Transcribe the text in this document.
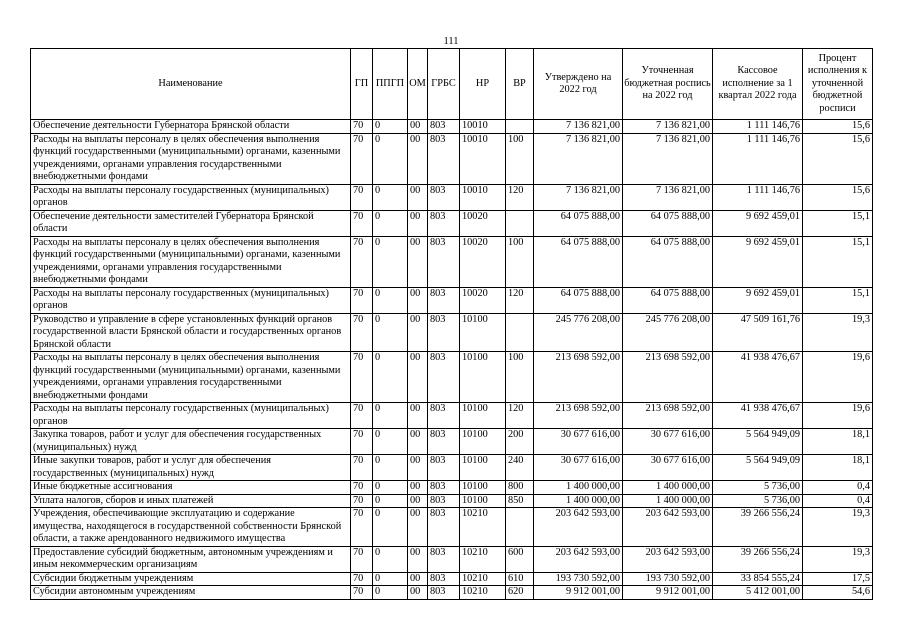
111
Наименование	ГП	ППГП	ОМ	ГРБС	НР	ВР	Утверждено на 2022 год	Уточненная бюджетная роспись на 2022 год	Кассовое исполнение за 1 квартал 2022 года	Процент исполнения к уточненной бюджетной росписи
Обеспечение деятельности Губернатора Брянской области	70	0	00	803	10010		7 136 821,00	7 136 821,00	1 111 146,76	15,6
Расходы на выплаты персоналу в целях обеспечения выполнения функций государственными (муниципальными) органами, казенными учреждениями, органами управления государственными внебюджетными фондами	70	0	00	803	10010	100	7 136 821,00	7 136 821,00	1 111 146,76	15,6
Расходы на выплаты персоналу государственных (муниципальных) органов	70	0	00	803	10010	120	7 136 821,00	7 136 821,00	1 111 146,76	15,6
Обеспечение деятельности заместителей Губернатора Брянской области	70	0	00	803	10020		64 075 888,00	64 075 888,00	9 692 459,01	15,1
Расходы на выплаты персоналу в целях обеспечения выполнения функций государственными (муниципальными) органами, казенными учреждениями, органами управления государственными внебюджетными фондами	70	0	00	803	10020	100	64 075 888,00	64 075 888,00	9 692 459,01	15,1
Расходы на выплаты персоналу государственных (муниципальных) органов	70	0	00	803	10020	120	64 075 888,00	64 075 888,00	9 692 459,01	15,1
Руководство и управление в сфере установленных функций органов государственной власти Брянской области и государственных органов Брянской области	70	0	00	803	10100		245 776 208,00	245 776 208,00	47 509 161,76	19,3
Расходы на выплаты персоналу в целях обеспечения выполнения функций государственными (муниципальными) органами, казенными учреждениями, органами управления государственными внебюджетными фондами	70	0	00	803	10100	100	213 698 592,00	213 698 592,00	41 938 476,67	19,6
Расходы на выплаты персоналу государственных (муниципальных) органов	70	0	00	803	10100	120	213 698 592,00	213 698 592,00	41 938 476,67	19,6
Закупка товаров, работ и услуг для обеспечения государственных (муниципальных) нужд	70	0	00	803	10100	200	30 677 616,00	30 677 616,00	5 564 949,09	18,1
Иные закупки товаров, работ и услуг для обеспечения государственных (муниципальных) нужд	70	0	00	803	10100	240	30 677 616,00	30 677 616,00	5 564 949,09	18,1
Иные бюджетные ассигнования	70	0	00	803	10100	800	1 400 000,00	1 400 000,00	5 736,00	0,4
Уплата налогов, сборов и иных платежей	70	0	00	803	10100	850	1 400 000,00	1 400 000,00	5 736,00	0,4
Учреждения, обеспечивающие эксплуатацию и содержание имущества, находящегося в государственной собственности Брянской области, а также арендованного недвижимого имущества	70	0	00	803	10210		203 642 593,00	203 642 593,00	39 266 556,24	19,3
Предоставление субсидий бюджетным, автономным учреждениям и иным некоммерческим организациям	70	0	00	803	10210	600	203 642 593,00	203 642 593,00	39 266 556,24	19,3
Субсидии бюджетным учреждениям	70	0	00	803	10210	610	193 730 592,00	193 730 592,00	33 854 555,24	17,5
Субсидии автономным учреждениям	70	0	00	803	10210	620	9 912 001,00	9 912 001,00	5 412 001,00	54,6
